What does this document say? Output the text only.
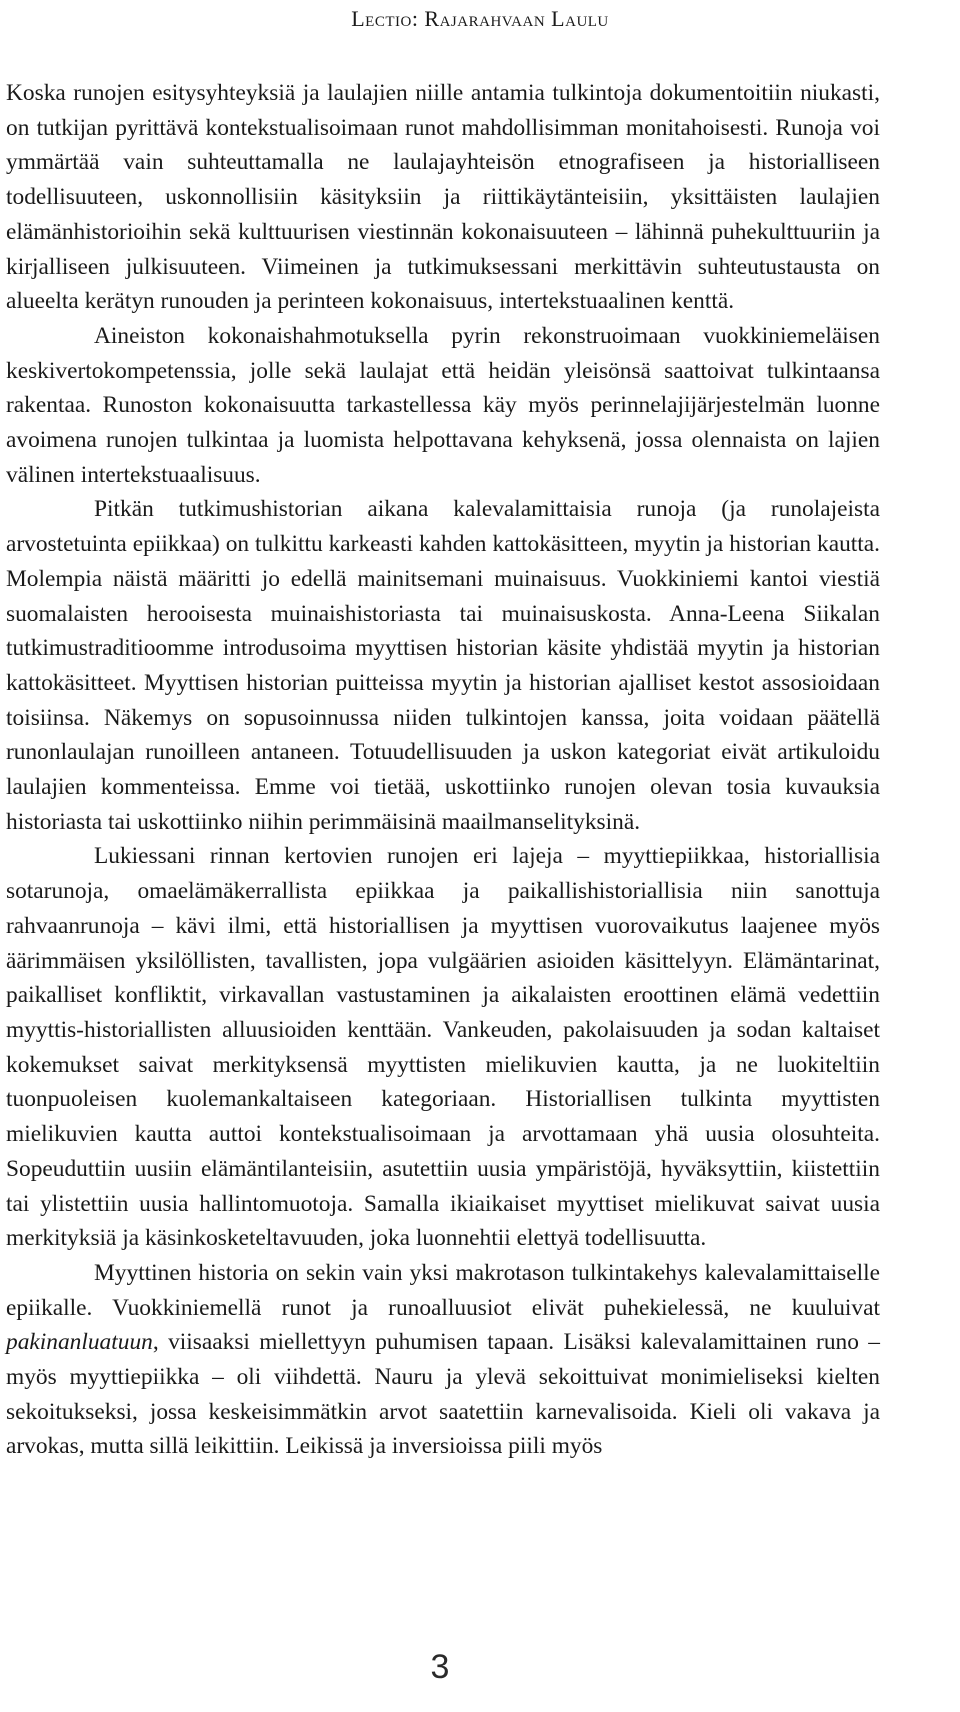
Lectio: Rajarahvaan Laulu

Koska runojen esitysyhteyksiä ja laulajien niille antamia tulkintoja dokumentoitiin niukasti, on tutkijan pyrittävä kontekstualisoimaan runot mahdollisimman monitahoisesti. Runoja voi ymmärtää vain suhteuttamalla ne laulajayhteisön etnografiseen ja historialliseen todellisuuteen, uskonnollisiin käsityksiin ja riittikäytänteisiin, yksittäisten laulajien elämänhistorioihin sekä kulttuurisen viestinnän kokonaisuuteen – lähinnä puhekulttuuriin ja kirjalliseen julkisuuteen. Viimeinen ja tutkimuksessani merkittävin suhteutustausta on alueelta kerätyn runouden ja perinteen kokonaisuus, intertekstuaalinen kenttä.

Aineiston kokonaishahmotuksella pyrin rekonstruoimaan vuokkiniemeläisen keskivertokompetenssia, jolle sekä laulajat että heidän yleisönsä saattoivat tulkintaansa rakentaa. Runoston kokonaisuutta tarkastellessa käy myös perinnelajijärjestelmän luonne avoimena runojen tulkintaa ja luomista helpottavana kehyksenä, jossa olennaista on lajien välinen intertekstuaalisuus.

Pitkän tutkimushistorian aikana kalevalamittaisia runoja (ja runolajeista arvostetuinta epiikkaa) on tulkittu karkeasti kahden kattokäsitteen, myytin ja historian kautta. Molempia näistä määritti jo edellä mainitsemani muinaisuus. Vuokkiniemi kantoi viestiä suomalaisten herooisesta muinaishistoriasta tai muinaisuskosta. Anna-Leena Siikalan tutkimustraditioomme introdusoima myyttisen historian käsite yhdistää myytin ja historian kattokäsitteet. Myyttisen historian puitteissa myytin ja historian ajalliset kestot assosioidaan toisiinsa. Näkemys on sopusoinnussa niiden tulkintojen kanssa, joita voidaan päätellä runonlaulajan runoilleen antaneen. Totuudellisuuden ja uskon kategoriat eivät artikuloidu laulajien kommenteissa. Emme voi tietää, uskottiinko runojen olevan tosia kuvauksia historiasta tai uskottiinko niihin perimmäisinä maailmanselityksinä.

Lukiessani rinnan kertovien runojen eri lajeja – myyttiepiikkaa, historiallisia sotarunoja, omaelämäkerrallista epiikkaa ja paikallishistoriallisia niin sanottuja rahvaanrunoja – kävi ilmi, että historiallisen ja myyttisen vuorovaikutus laajenee myös äärimmäisen yksilöllisten, tavallisten, jopa vulgäärien asioiden käsittelyyn. Elämäntarinat, paikalliset konfliktit, virkavallan vastustaminen ja aikalaisten eroottinen elämä vedettiin myyttis-historiallisten alluusioiden kenttään. Vankeuden, pakolaisuuden ja sodan kaltaiset kokemukset saivat merkityksensä myyttisten mielikuvien kautta, ja ne luokiteltiin tuonpuoleisen kuolemankaltaiseen kategoriaan. Historiallisen tulkinta myyttisten mielikuvien kautta auttoi kontekstualisoimaan ja arvottamaan yhä uusia olosuhteita. Sopeuduttiin uusiin elämäntilanteisiin, asutettiin uusia ympäristöjä, hyväksyttiin, kiistettiin tai ylistettiin uusia hallintomuotoja. Samalla ikiaikaiset myyttiset mielikuvat saivat uusia merkityksiä ja käsinkosketeltavuuden, joka luonnehtii elettyä todellisuutta.

Myyttinen historia on sekin vain yksi makrotason tulkintakehys kalevalamittaiselle epiikalle. Vuokkiniemellä runot ja runoalluusiot elivät puhekielessä, ne kuuluivat pakinanluatuun, viisaaksi miellettyyn puhumisen tapaan. Lisäksi kalevalamittainen runo – myös myyttiepiikka – oli viihdettä. Nauru ja ylevä sekoittuivat monimieliseksi kielten sekoitukseksi, jossa keskeisimmätkin arvot saatettiin karnevalisoida. Kieli oli vakava ja arvokas, mutta sillä leikittiin. Leikissä ja inversioissa piili myös

3
